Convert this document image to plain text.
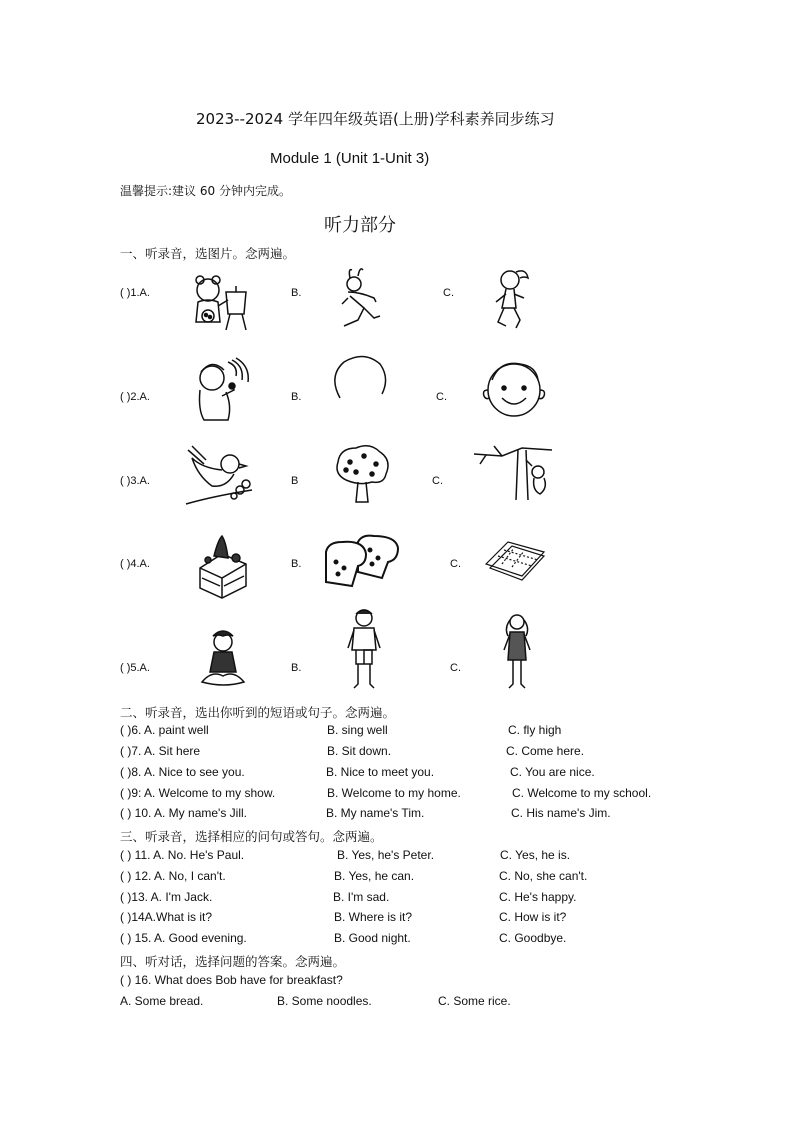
2023--2024 学年四年级英语(上册)学科素养同步练习
Module 1 (Unit 1-Unit 3)
温馨提示:建议 60 分钟内完成。
听力部分
一、听录音，选图片。念两遍。
( )1.A.	B.	C.
( )2.A.	B.	C.
( )3.A.	B	C.
( )4.A.	B.	C.
( )5.A.	B.	C.
二、听录音，选出你听到的短语或句子。念两遍。
( )6. A. paint well	B. sing well	C. fly high
( )7. A. Sit here	B. Sit down.	C. Come here.
( )8. A. Nice to see you.	B. Nice to meet you.	C. You are nice.
( )9: A. Welcome to my show.	B. Welcome to my home.	C. Welcome to my school.
( ) 10. A. My name's Jill.	B. My name's Tim.	C. His name's Jim.
三、听录音，选择相应的问句或答句。念两遍。
( ) 11. A. No. He's Paul.	B. Yes, he's Peter.	C. Yes, he is.
( ) 12. A. No, I can't.	B. Yes, he can.	C. No, she can't.
( )13. A. I'm Jack.	B. I'm sad.	C. He's happy.
( )14A.What is it?	B. Where is it?	C. How is it?
( ) 15. A. Good evening.	B. Good night.	C. Goodbye.
四、听对话，选择问题的答案。念两遍。
( ) 16. What does Bob have for breakfast?
A. Some bread.	B. Some noodles.	C. Some rice.
